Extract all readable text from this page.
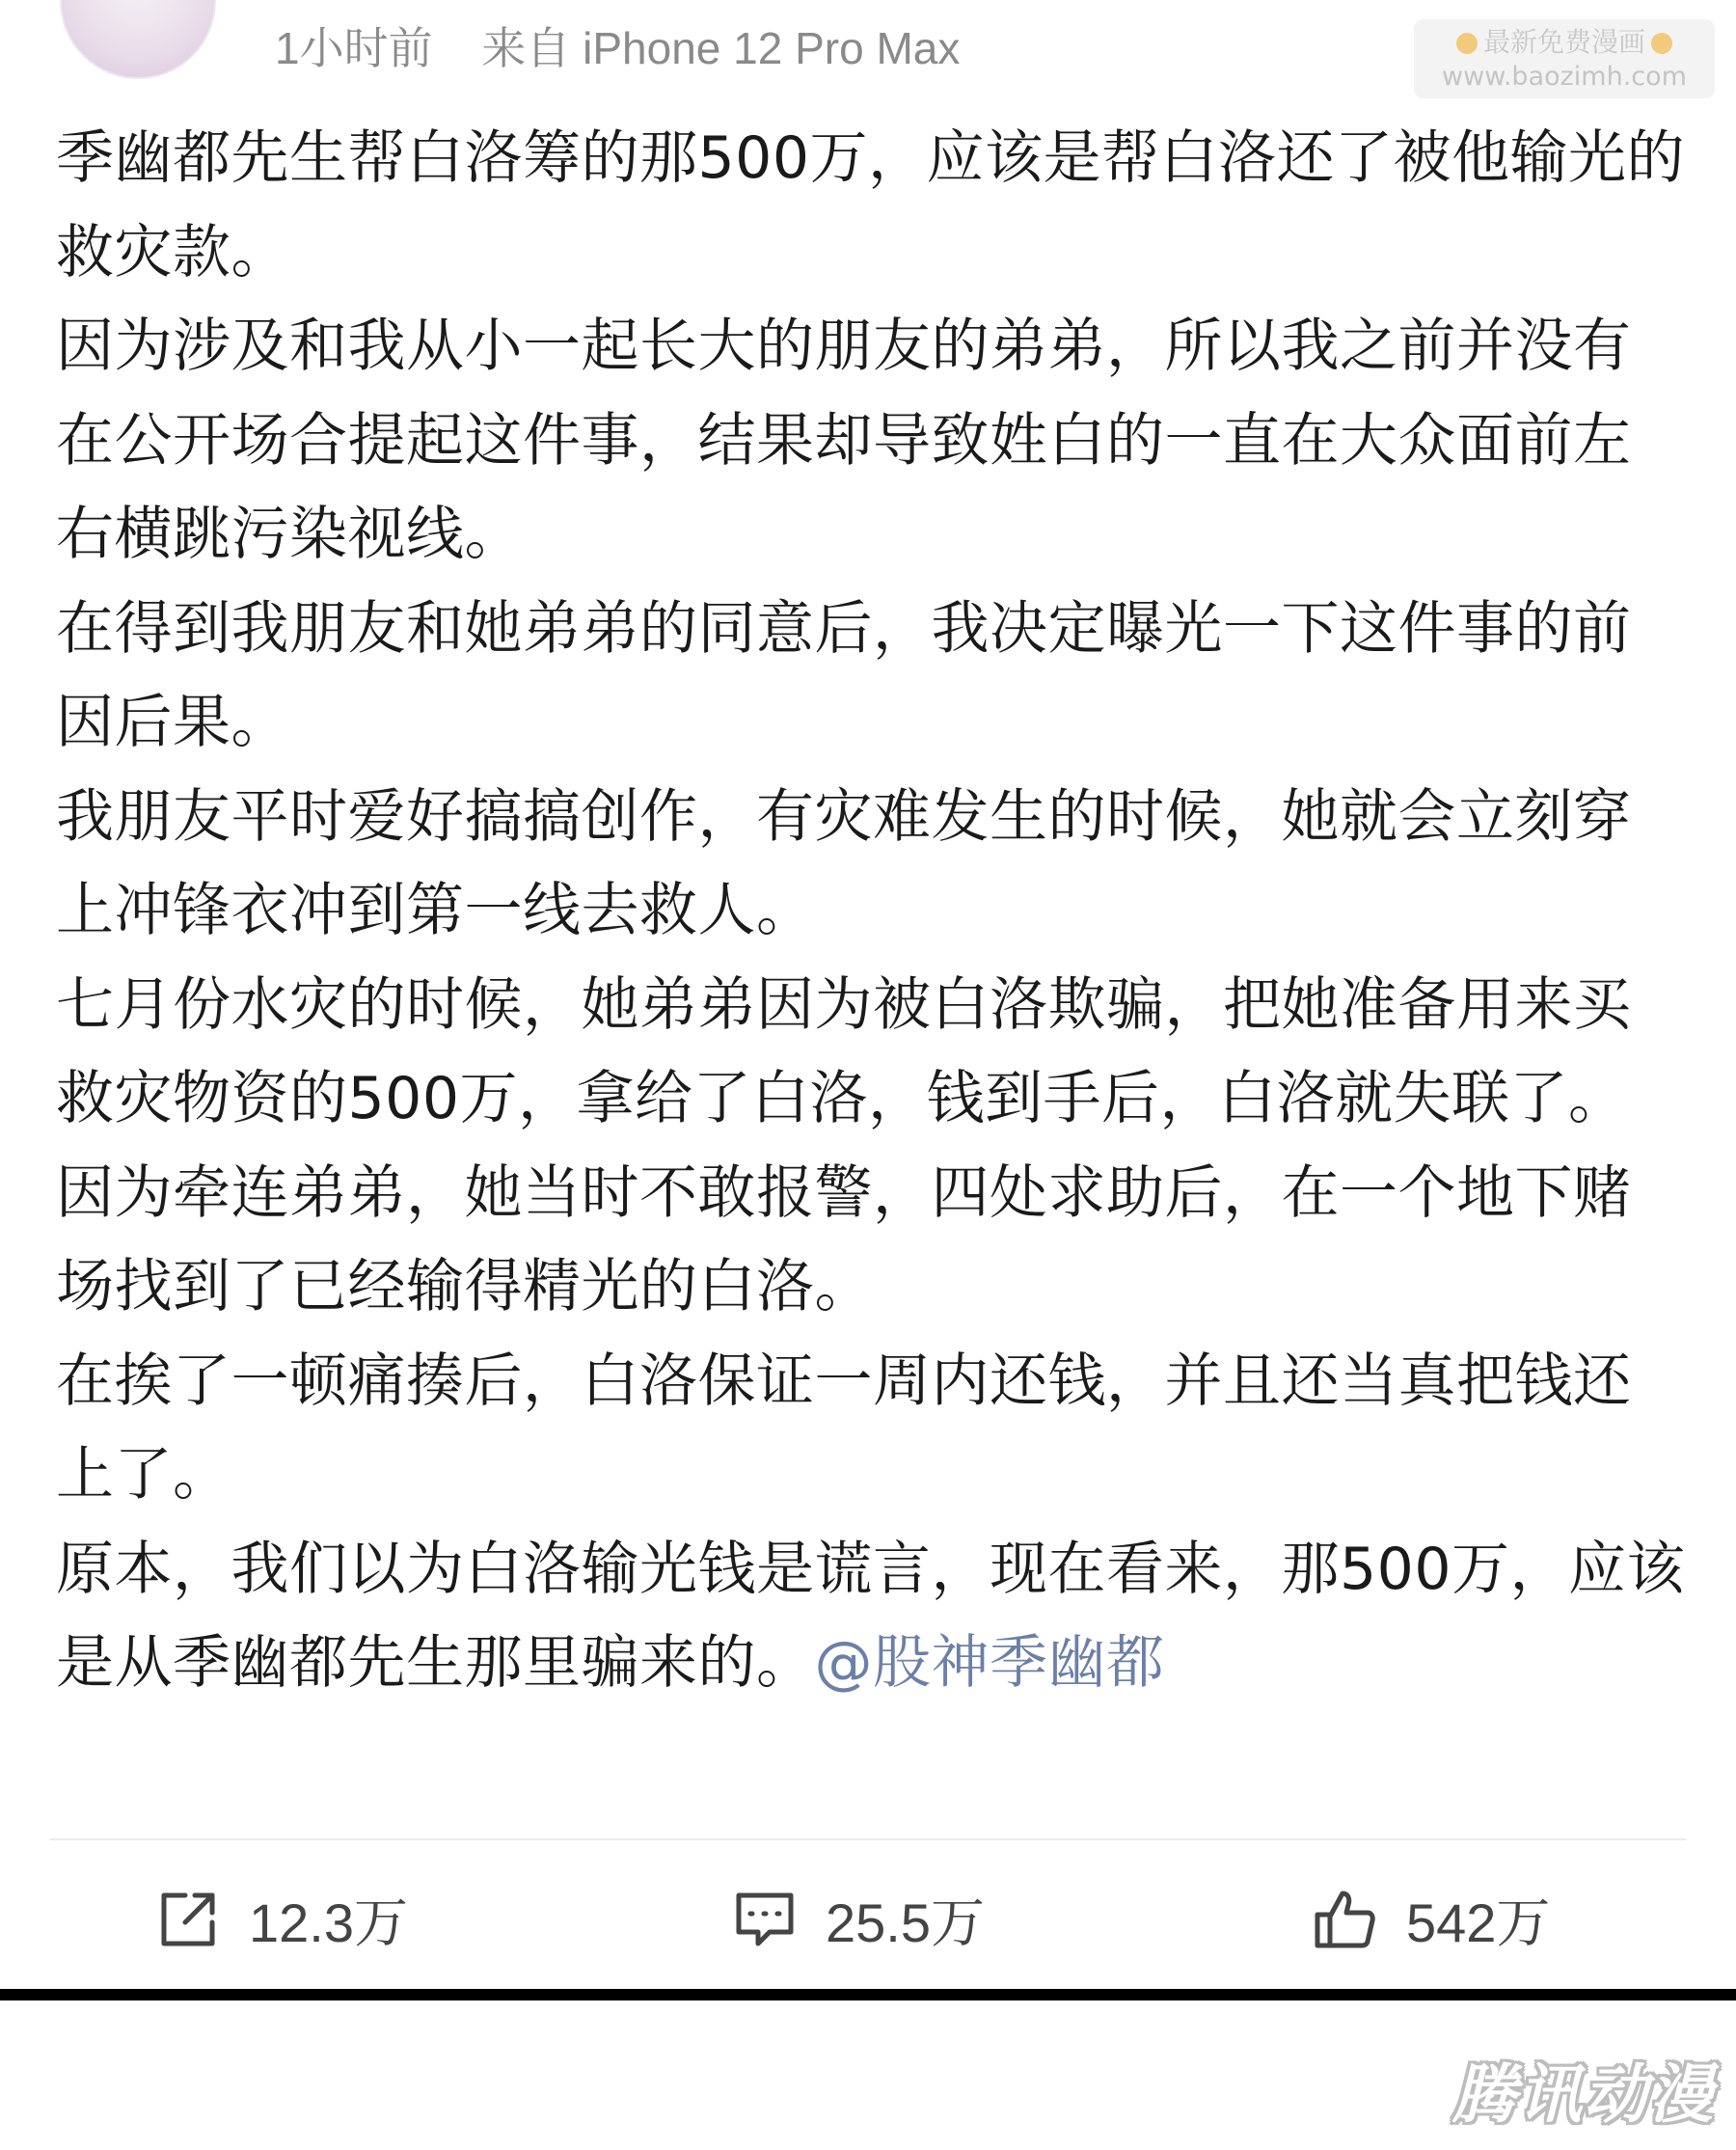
1小时前 来自 iPhone 12 Pro Max	最新免费漫画
www.baozimh.com

季幽都先生帮白洛筹的那500万，应该是帮白洛还了被他输光的救灾款。

因为涉及和我从小一起长大的朋友的弟弟，所以我之前并没有在公开场合提起这件事，结果却导致姓白的一直在大众面前左右横跳污染视线。

在得到我朋友和她弟弟的同意后，我决定曝光一下这件事的前因后果。

我朋友平时爱好搞搞创作，有灾难发生的时候，她就会立刻穿上冲锋衣冲到第一线去救人。

七月份水灾的时候，她弟弟因为被白洛欺骗，把她准备用来买救灾物资的500万，拿给了白洛，钱到手后，白洛就失联了。

因为牵连弟弟，她当时不敢报警，四处求助后，在一个地下赌场找到了已经输得精光的白洛。

在挨了一顿痛揍后，白洛保证一周内还钱，并且还当真把钱还上了。

原本，我们以为白洛输光钱是谎言，现在看来，那500万，应该是从季幽都先生那里骗来的。@股神季幽都

12.3万	25.5万	542万
腾讯动漫
